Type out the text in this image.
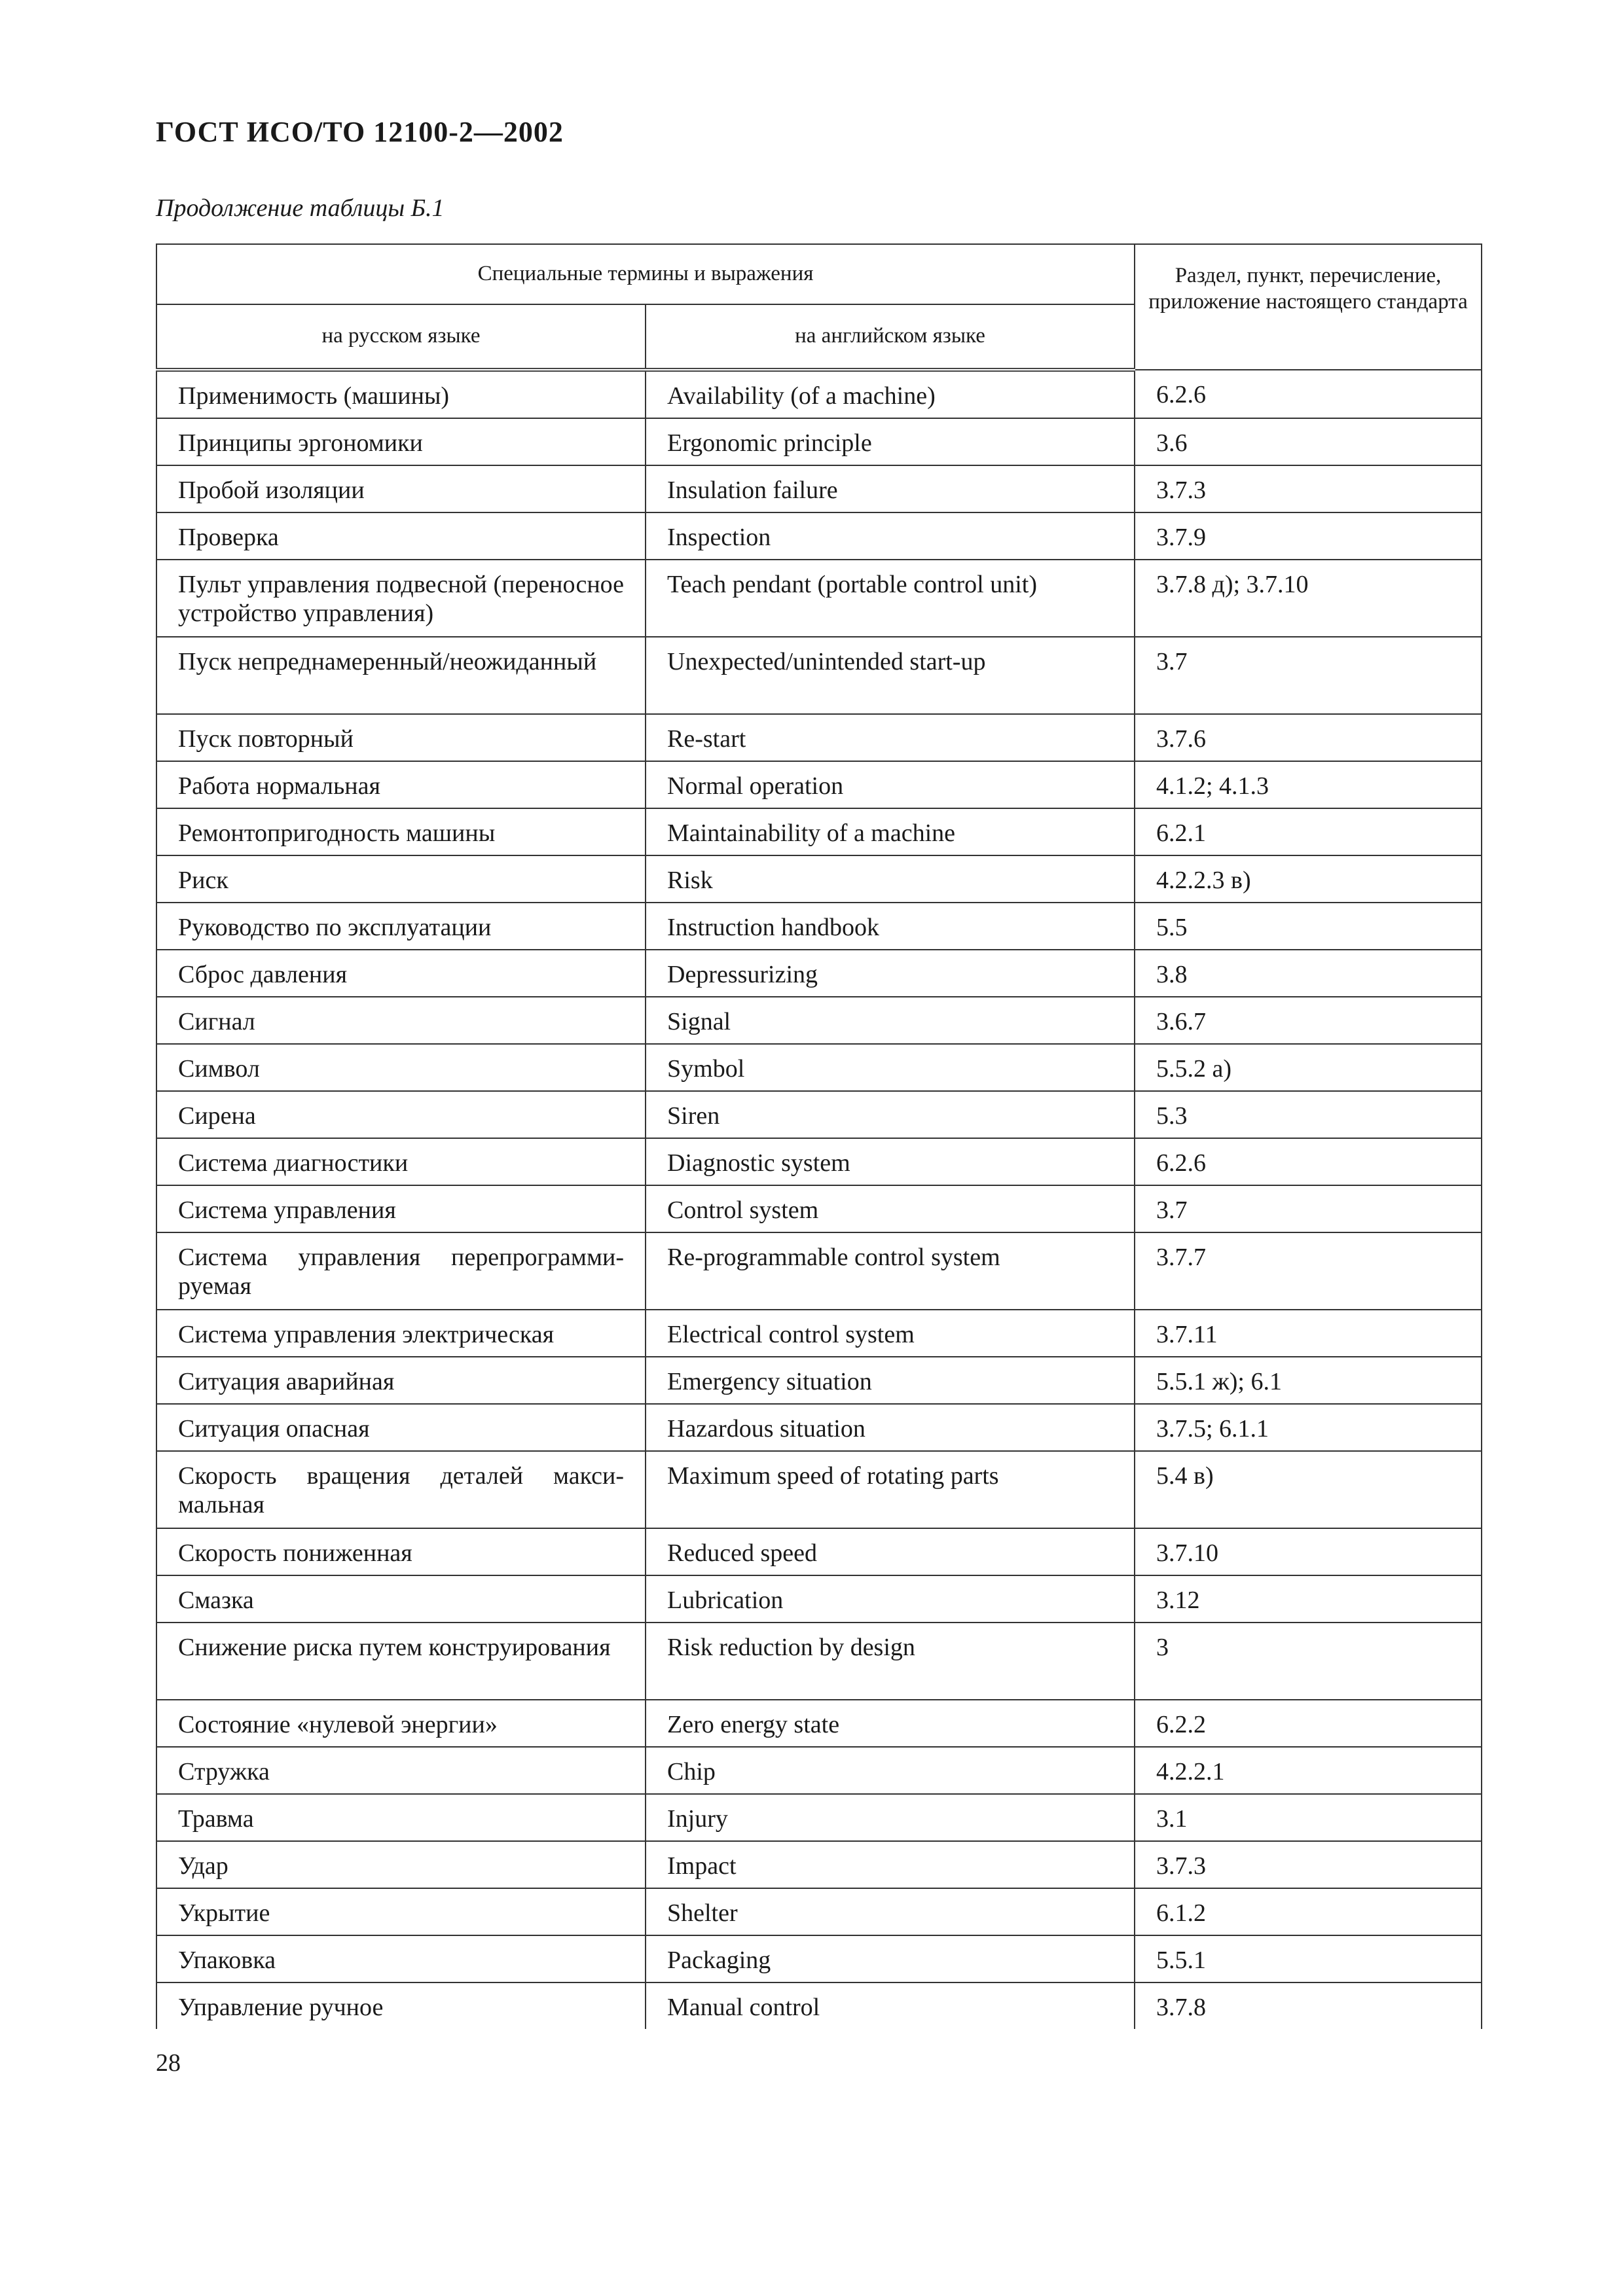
ГОСТ ИСО/ТО 12100-2—2002
Продолжение таблицы Б.1
Специальные термины и выражения		Раздел, пункт, перечисление, приложение настоящего стандарта
на русском языке	на английском языке	
Применимость (машины)	Availability (of a machine)	6.2.6
Принципы эргономики	Ergonomic principle	3.6
Пробой изоляции	Insulation failure	3.7.3
Проверка	Inspection	3.7.9
Пульт управления подвесной (переносное устройство управления)	Teach pendant (portable control unit)	3.7.8 д); 3.7.10
Пуск непреднамеренный/неожиданный	Unexpected/unintended start-up	3.7
Пуск повторный	Re-start	3.7.6
Работа нормальная	Normal operation	4.1.2; 4.1.3
Ремонтопригодность машины	Maintainability of a machine	6.2.1
Риск	Risk	4.2.2.3 в)
Руководство по эксплуатации	Instruction handbook	5.5
Сброс давления	Depressurizing	3.8
Сигнал	Signal	3.6.7
Символ	Symbol	5.5.2 а)
Сирена	Siren	5.3
Система диагностики	Diagnostic system	6.2.6
Система управления	Control system	3.7
Система управления перепрограммируемая	Re-programmable control system	3.7.7
Система управления электрическая	Electrical control system	3.7.11
Ситуация аварийная	Emergency situation	5.5.1 ж); 6.1
Ситуация опасная	Hazardous situation	3.7.5; 6.1.1
Скорость вращения деталей максимальная	Maximum speed of rotating parts	5.4 в)
Скорость пониженная	Reduced speed	3.7.10
Смазка	Lubrication	3.12
Снижение риска путем конструирования	Risk reduction by design	3
Состояние «нулевой энергии»	Zero energy state	6.2.2
Стружка	Chip	4.2.2.1
Травма	Injury	3.1
Удар	Impact	3.7.3
Укрытие	Shelter	6.1.2
Упаковка	Packaging	5.5.1
Управление ручное	Manual control	3.7.8
28
